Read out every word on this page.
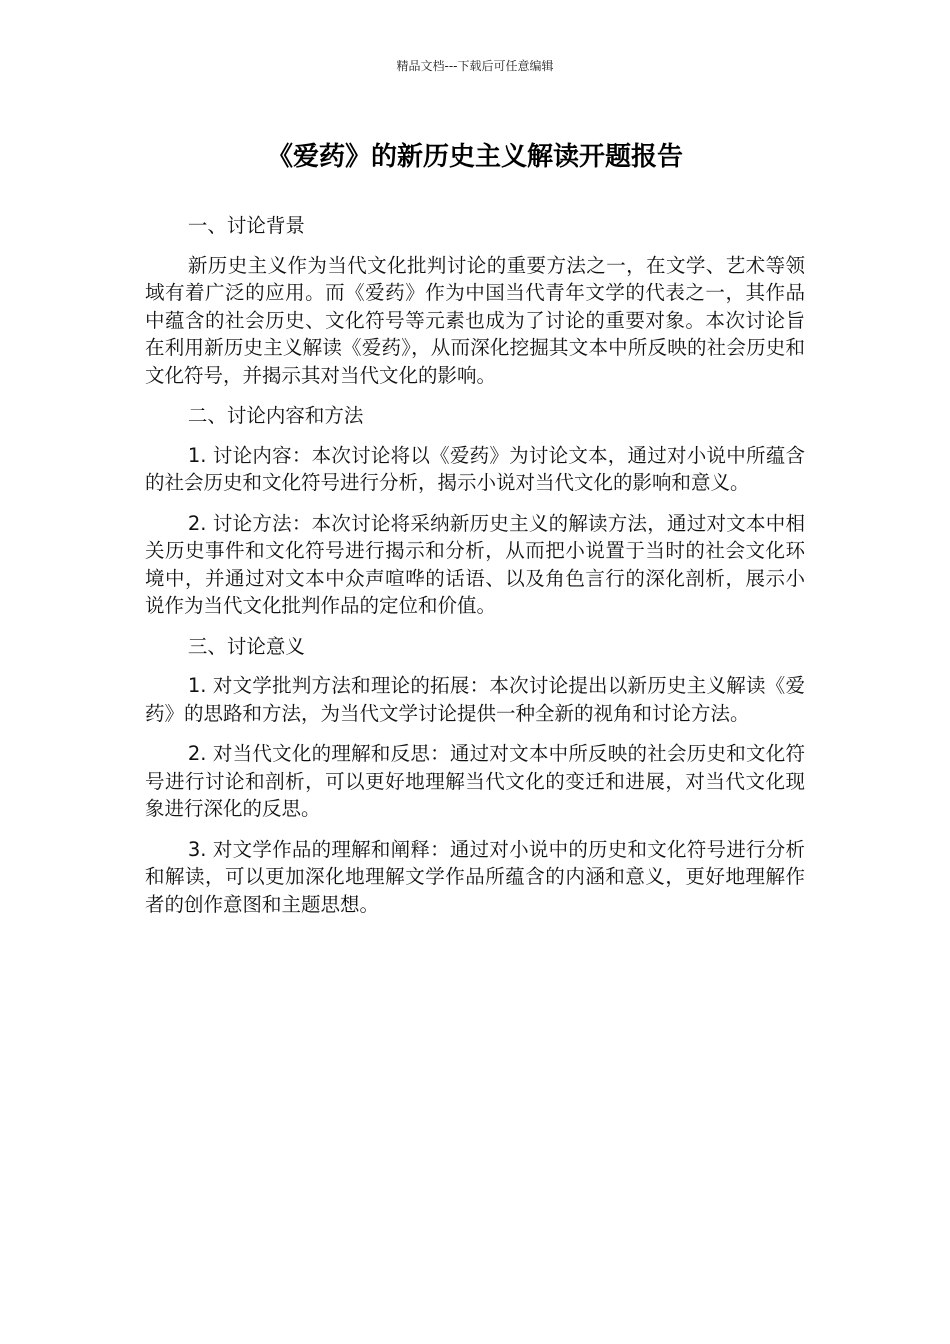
精品文档---下载后可任意编辑
《爱药》的新历史主义解读开题报告

一、讨论背景

新历史主义作为当代文化批判讨论的重要方法之一，在文学、艺术等领域有着广泛的应用。而《爱药》作为中国当代青年文学的代表之一，其作品中蕴含的社会历史、文化符号等元素也成为了讨论的重要对象。本次讨论旨在利用新历史主义解读《爱药》，从而深化挖掘其文本中所反映的社会历史和文化符号，并揭示其对当代文化的影响。

二、讨论内容和方法

1. 讨论内容：本次讨论将以《爱药》为讨论文本，通过对小说中所蕴含的社会历史和文化符号进行分析，揭示小说对当代文化的影响和意义。

2. 讨论方法：本次讨论将采纳新历史主义的解读方法，通过对文本中相关历史事件和文化符号进行揭示和分析，从而把小说置于当时的社会文化环境中，并通过对文本中众声喧哗的话语、以及角色言行的深化剖析，展示小说作为当代文化批判作品的定位和价值。

三、讨论意义

1. 对文学批判方法和理论的拓展：本次讨论提出以新历史主义解读《爱药》的思路和方法，为当代文学讨论提供一种全新的视角和讨论方法。

2. 对当代文化的理解和反思：通过对文本中所反映的社会历史和文化符号进行讨论和剖析，可以更好地理解当代文化的变迁和进展，对当代文化现象进行深化的反思。

3. 对文学作品的理解和阐释：通过对小说中的历史和文化符号进行分析和解读，可以更加深化地理解文学作品所蕴含的内涵和意义，更好地理解作者的创作意图和主题思想。
